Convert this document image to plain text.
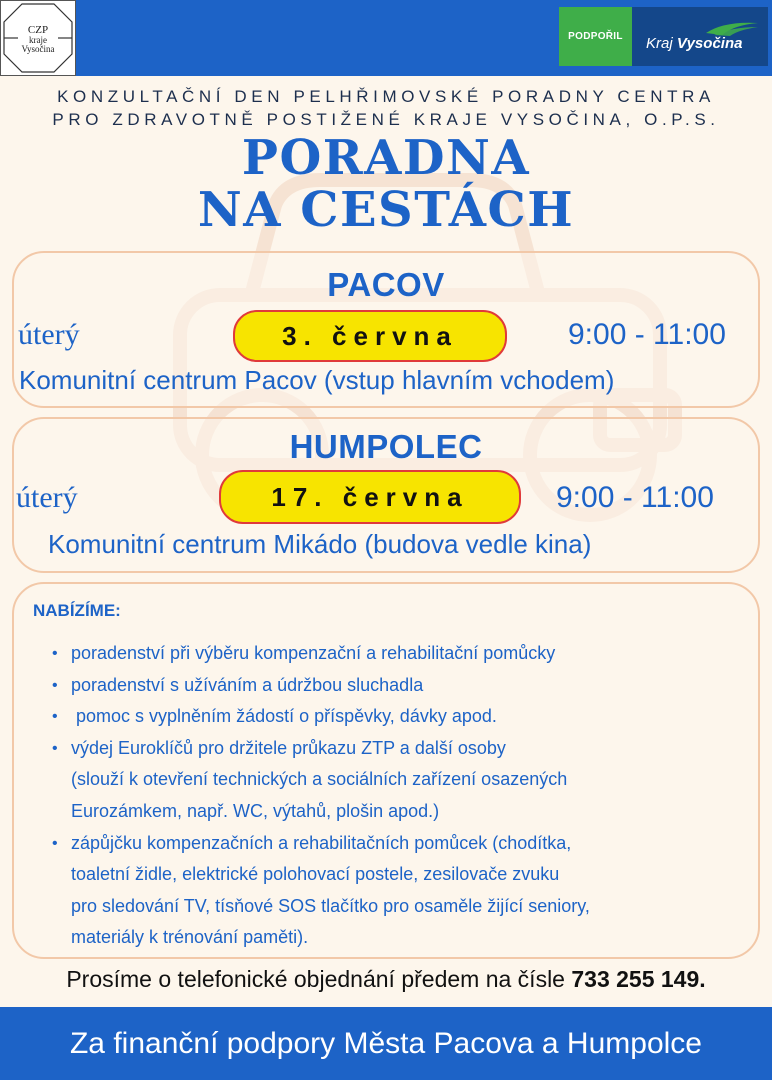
CZP
kraje
Vysočina
PODPOŘIL	Kraj Vysočina
KONZULTAČNÍ DEN PELHŘIMOVSKÉ PORADNY CENTRA
PRO ZDRAVOTNĚ POSTIŽENÉ KRAJE VYSOČINA, O.P.S.
PORADNA
NA CESTÁCH
PACOV
úterý	3. června	9:00 - 11:00
Komunitní centrum Pacov (vstup hlavním vchodem)
HUMPOLEC
úterý	17. června	9:00 - 11:00
Komunitní centrum Mikádo (budova vedle kina)
NABÍZÍME:
• poradenství při výběru kompenzační a rehabilitační pomůcky
• poradenství s užíváním a údržbou sluchadla
• pomoc s vyplněním žádostí o příspěvky, dávky apod.
• výdej Euroklíčů pro držitele průkazu ZTP a další osoby
(slouží k otevření technických a sociálních zařízení osazených
Eurozámkem, např. WC, výtahů, plošin apod.)
• zápůjčku kompenzačních a rehabilitačních pomůcek (chodítka,
toaletní židle, elektrické polohovací postele, zesilovače zvuku
pro sledování TV, tísňové SOS tlačítko pro osaměle žijící seniory,
materiály k trénování paměti).
Prosíme o telefonické objednání předem na čísle 733 255 149.
Za finanční podpory Města Pacova a Humpolce
